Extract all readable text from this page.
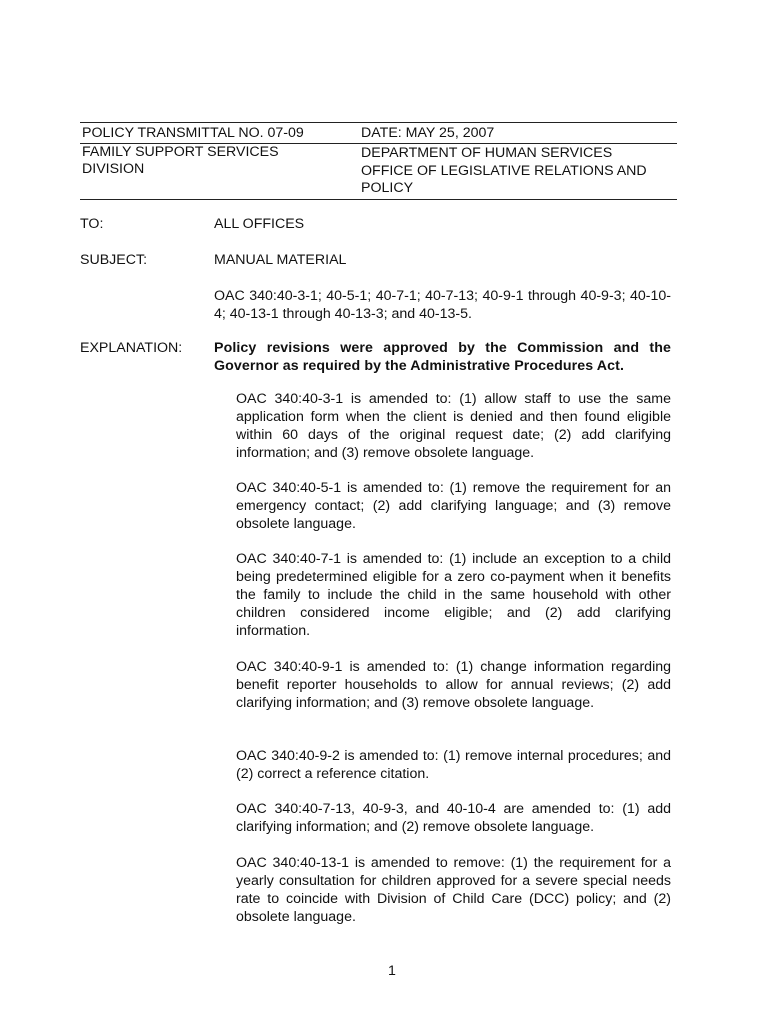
POLICY TRANSMITTAL NO. 07-09
FAMILY SUPPORT SERVICES
DIVISION
DATE: MAY 25, 2007
DEPARTMENT OF HUMAN SERVICES
OFFICE OF LEGISLATIVE RELATIONS AND
POLICY
TO:	ALL OFFICES
SUBJECT:	MANUAL MATERIAL
OAC 340:40-3-1; 40-5-1; 40-7-1; 40-7-13; 40-9-1 through 40-9-3; 40-10-4; 40-13-1 through 40-13-3; and 40-13-5.
EXPLANATION: Policy revisions were approved by the Commission and the Governor as required by the Administrative Procedures Act.
OAC 340:40-3-1 is amended to: (1) allow staff to use the same application form when the client is denied and then found eligible within 60 days of the original request date; (2) add clarifying information; and (3) remove obsolete language.
OAC 340:40-5-1 is amended to: (1) remove the requirement for an emergency contact; (2) add clarifying language; and (3) remove obsolete language.
OAC 340:40-7-1 is amended to: (1) include an exception to a child being predetermined eligible for a zero co-payment when it benefits the family to include the child in the same household with other children considered income eligible; and (2) add clarifying information.
OAC 340:40-9-1 is amended to: (1) change information regarding benefit reporter households to allow for annual reviews; (2) add clarifying information; and (3) remove obsolete language.
OAC 340:40-9-2 is amended to: (1) remove internal procedures; and (2) correct a reference citation.
OAC 340:40-7-13, 40-9-3, and 40-10-4 are amended to: (1) add clarifying information; and (2) remove obsolete language.
OAC 340:40-13-1 is amended to remove: (1) the requirement for a yearly consultation for children approved for a severe special needs rate to coincide with Division of Child Care (DCC) policy; and (2) obsolete language.
1
